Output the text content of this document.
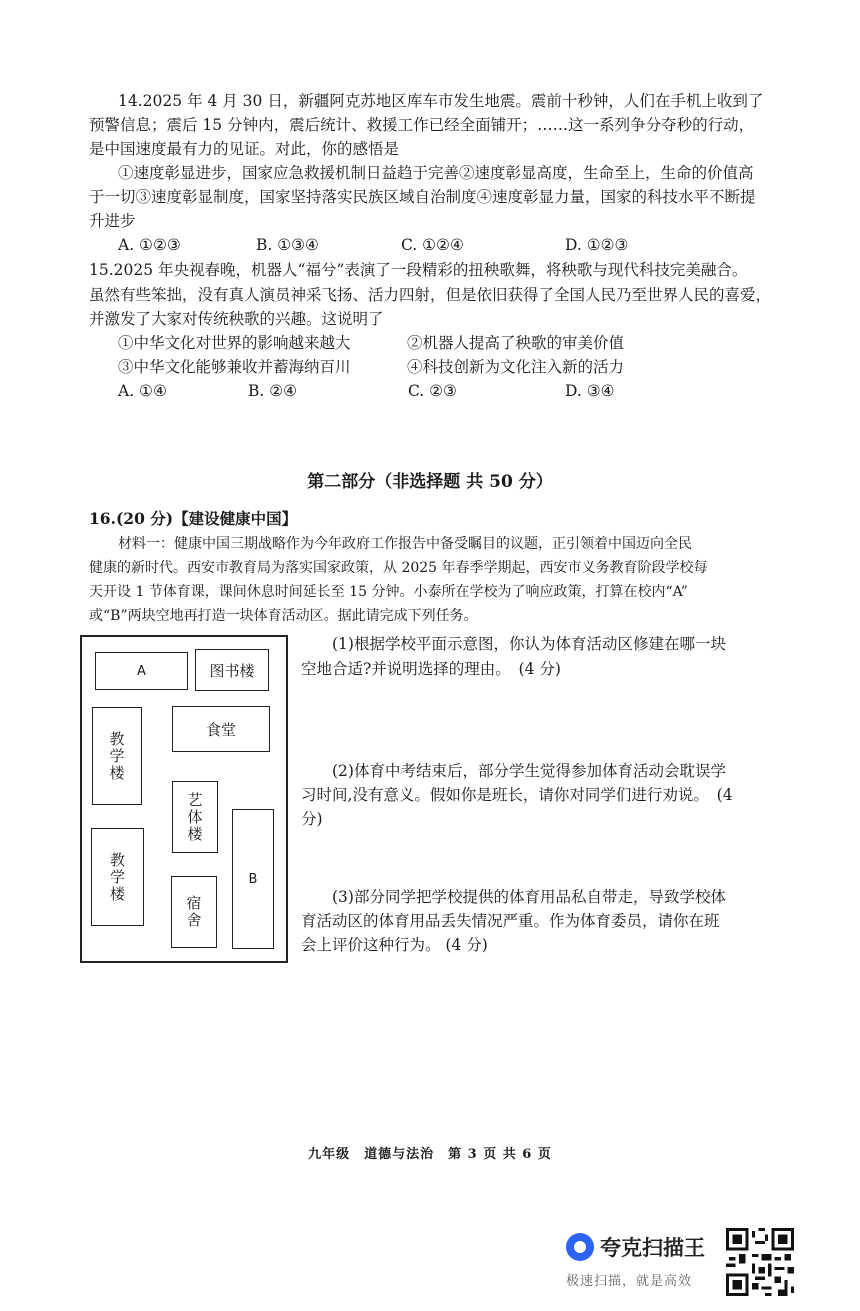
14.2025 年 4 月 30 日，新疆阿克苏地区库车市发生地震。震前十秒钟，人们在手机上收到了
预警信息；震后 15 分钟内，震后统计、救援工作已经全面铺开；……这一系列争分夺秒的行动，
是中国速度最有力的见证。对此，你的感悟是
①速度彰显进步，国家应急救援机制日益趋于完善②速度彰显高度，生命至上，生命的价值高
于一切③速度彰显制度，国家坚持落实民族区域自治制度④速度彰显力量，国家的科技水平不断提
升进步
A. ①②③	B. ①③④	C. ①②④	D. ①②③
15.2025 年央视春晚，机器人“福兮”表演了一段精彩的扭秧歌舞，将秧歌与现代科技完美融合。
虽然有些笨拙，没有真人演员神采飞扬、活力四射，但是依旧获得了全国人民乃至世界人民的喜爱，
并激发了大家对传统秧歌的兴趣。这说明了
①中华文化对世界的影响越来越大	②机器人提高了秧歌的审美价值
③中华文化能够兼收并蓄海纳百川	④科技创新为文化注入新的活力
A. ①④	B. ②④	C. ②③	D. ③④
第二部分（非选择题 共 50 分）
16.(20 分)【建设健康中国】
材料一：健康中国三期战略作为今年政府工作报告中备受瞩目的议题，正引领着中国迈向全民
健康的新时代。西安市教育局为落实国家政策，从 2025 年春季学期起，西安市义务教育阶段学校每
天开设 1 节体育课，课间休息时间延长至 15 分钟。小泰所在学校为了响应政策，打算在校内“A”
或“B”两块空地再打造一块体育活动区。据此请完成下列任务。
A	图书楼
教学楼
食堂
艺体楼
教学楼	B
宿舍
(1)根据学校平面示意图，你认为体育活动区修建在哪一块
空地合适?并说明选择的理由。　(4 分)
(2)体育中考结束后，部分学生觉得参加体育活动会耽误学
习时间,没有意义。假如你是班长，请你对同学们进行劝说。　(4
分)
(3)部分同学把学校提供的体育用品私自带走，导致学校体
育活动区的体育用品丢失情况严重。作为体育委员，请你在班
会上评价这种行为。 (4 分)
九年级　道德与法治　第 3 页 共 6 页
夸克扫描王
极速扫描，就是高效
